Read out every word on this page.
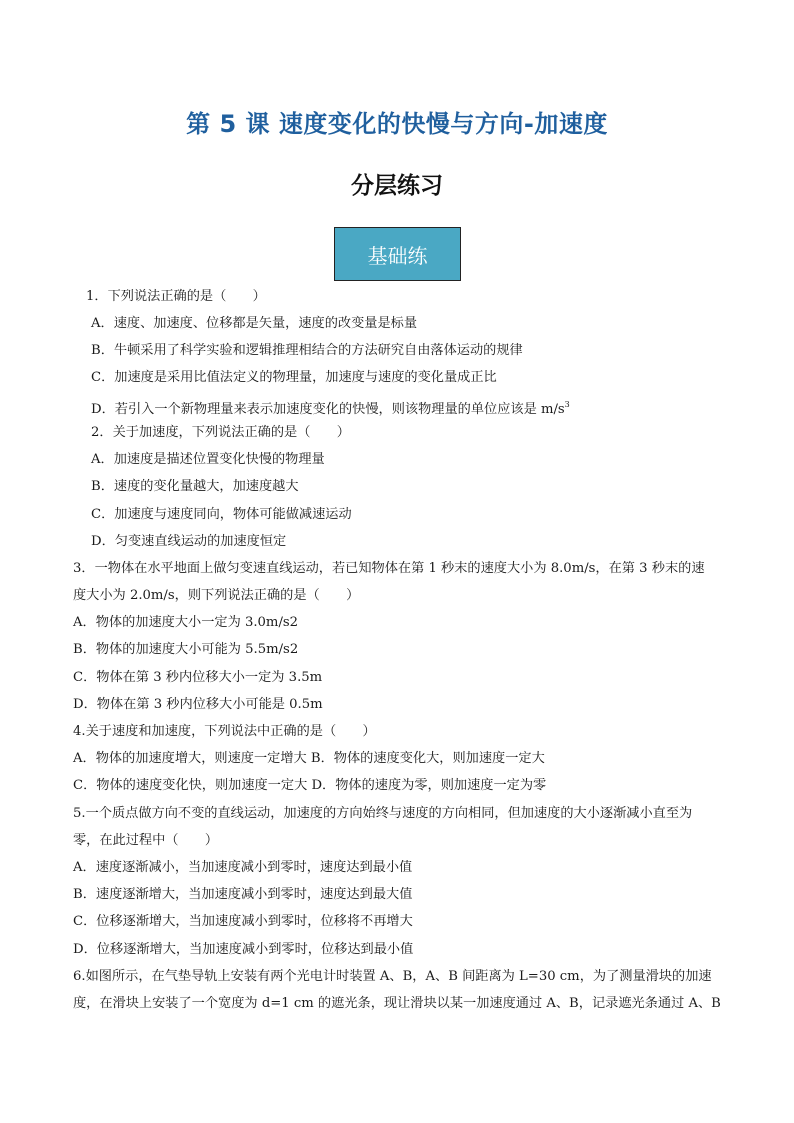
第 5 课 速度变化的快慢与方向-加速度
分层练习
基础练
1．下列说法正确的是（　　）
A．速度、加速度、位移都是矢量，速度的改变量是标量
B．牛顿采用了科学实验和逻辑推理相结合的方法研究自由落体运动的规律
C．加速度是采用比值法定义的物理量，加速度与速度的变化量成正比
D．若引入一个新物理量来表示加速度变化的快慢，则该物理量的单位应该是 $m/s^3$
2．关于加速度，下列说法正确的是（　　）
A．加速度是描述位置变化快慢的物理量
B．速度的变化量越大，加速度越大
C．加速度与速度同向，物体可能做减速运动
D．匀变速直线运动的加速度恒定
3．一物体在水平地面上做匀变速直线运动，若已知物体在第 1 秒末的速度大小为 8.0m/s，在第 3 秒末的速
度大小为 2.0m/s，则下列说法正确的是（　　）
A．物体的加速度大小一定为 3.0m/s2
B．物体的加速度大小可能为 5.5m/s2
C．物体在第 3 秒内位移大小一定为 3.5m
D．物体在第 3 秒内位移大小可能是 0.5m
4.关于速度和加速度，下列说法中正确的是（　　）
A．物体的加速度增大，则速度一定增大 B．物体的速度变化大，则加速度一定大
C．物体的速度变化快，则加速度一定大 D．物体的速度为零，则加速度一定为零
5.一个质点做方向不变的直线运动，加速度的方向始终与速度的方向相同，但加速度的大小逐渐减小直至为
零，在此过程中（　　）
A．速度逐渐减小，当加速度减小到零时，速度达到最小值
B．速度逐渐增大，当加速度减小到零时，速度达到最大值
C．位移逐渐增大，当加速度减小到零时，位移将不再增大
D．位移逐渐增大，当加速度减小到零时，位移达到最小值
6.如图所示，在气垫导轨上安装有两个光电计时装置 A、B，A、B 间距离为 L=30 cm，为了测量滑块的加速
度，在滑块上安装了一个宽度为 d=1 cm 的遮光条，现让滑块以某一加速度通过 A、B，记录遮光条通过 A、B
